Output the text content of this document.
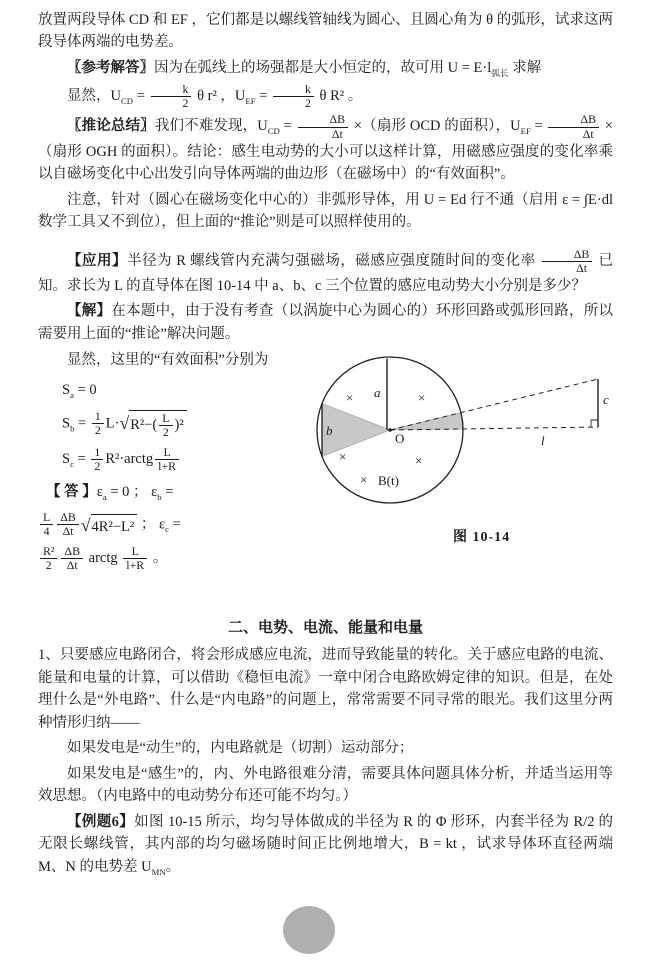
放置两段导体 CD 和 EF ，它们都是以螺线管轴线为圆心、且圆心角为 θ 的弧形，试求这两段导体两端的电势差。

〖参考解答〗因为在弧线上的场强都是大小恒定的，故可用 $U = E\cdot l_{弧长}$ 求解

显然，$U_{CD} = \frac{k}{2}$ θ r² ，$U_{EF} = \frac{k}{2}$ θ R² 。

〖推论总结〗我们不难发现，$U_{CD} = \frac{\Delta B}{\Delta t}$ ×（扇形 OCD 的面积），$U_{EF} = \frac{\Delta B}{\Delta t}$ ×（扇形 OGH 的面积）。结论：感生电动势的大小可以这样计算，用磁感应强度的变化率乘以自磁场变化中心出发引向导体两端的曲边形（在磁场中）的“有效面积”。

注意，针对（圆心在磁场变化中心的）非弧形导体，用 U = Ed 行不通（启用 ε = ∫E·dl 数学工具又不到位），但上面的“推论”则是可以照样使用的。

【应用】半径为 R 螺线管内充满匀强磁场，磁感应强度随时间的变化率 $\frac{\Delta B}{\Delta t}$ 已知。求长为 L 的直导体在图 10-14 中 a、b、c 三个位置的感应电动势大小分别是多少？

【解】在本题中，由于没有考查（以涡旋中心为圆心的）环形回路或弧形回路，所以需要用上面的“推论”解决问题。

显然，这里的“有效面积”分别为

$S_a = 0$
$S_b = \frac{1}{2} L\cdot√R^2-( \frac{L}{2} )^2$
$S_c = \frac{1}{2}$ R²·arctg $\frac{L}{l+R}$
【 答 】$\varepsilon_a = 0$ ； $\varepsilon_b$ =
$\frac{L}{4} \frac{\Delta B}{\Delta t} √4R^2-L^2$ ； $\varepsilon_c$ =
$\frac{\text{R²}}{2} \frac{\Delta B}{\Delta t}$ arctg $\frac{L}{l+R}$ 。
a
b
c
O
B(t)
l
×	×
×	×
×
图 10-14
二、电势、电流、能量和电量

1、只要感应电路闭合，将会形成感应电流，进而导致能量的转化。关于感应电路的电流、能量和电量的计算，可以借助《稳恒电流》一章中闭合电路欧姆定律的知识。但是，在处理什么是“外电路”、什么是“内电路”的问题上，常常需要不同寻常的眼光。我们这里分两种情形归纳——

如果发电是“动生”的，内电路就是（切割）运动部分；

如果发电是“感生”的，内、外电路很难分清，需要具体问题具体分析，并适当运用等效思想。（内电路中的电动势分布还可能不均匀。）

【例题6】如图 10-15 所示，均匀导体做成的半径为 R 的 Φ 形环，内套半径为 R/2 的无限长螺线管，其内部的均匀磁场随时间正比例地增大，B = kt ，试求导体环直径两端 M、N 的电势差 $U_{MN}$。
